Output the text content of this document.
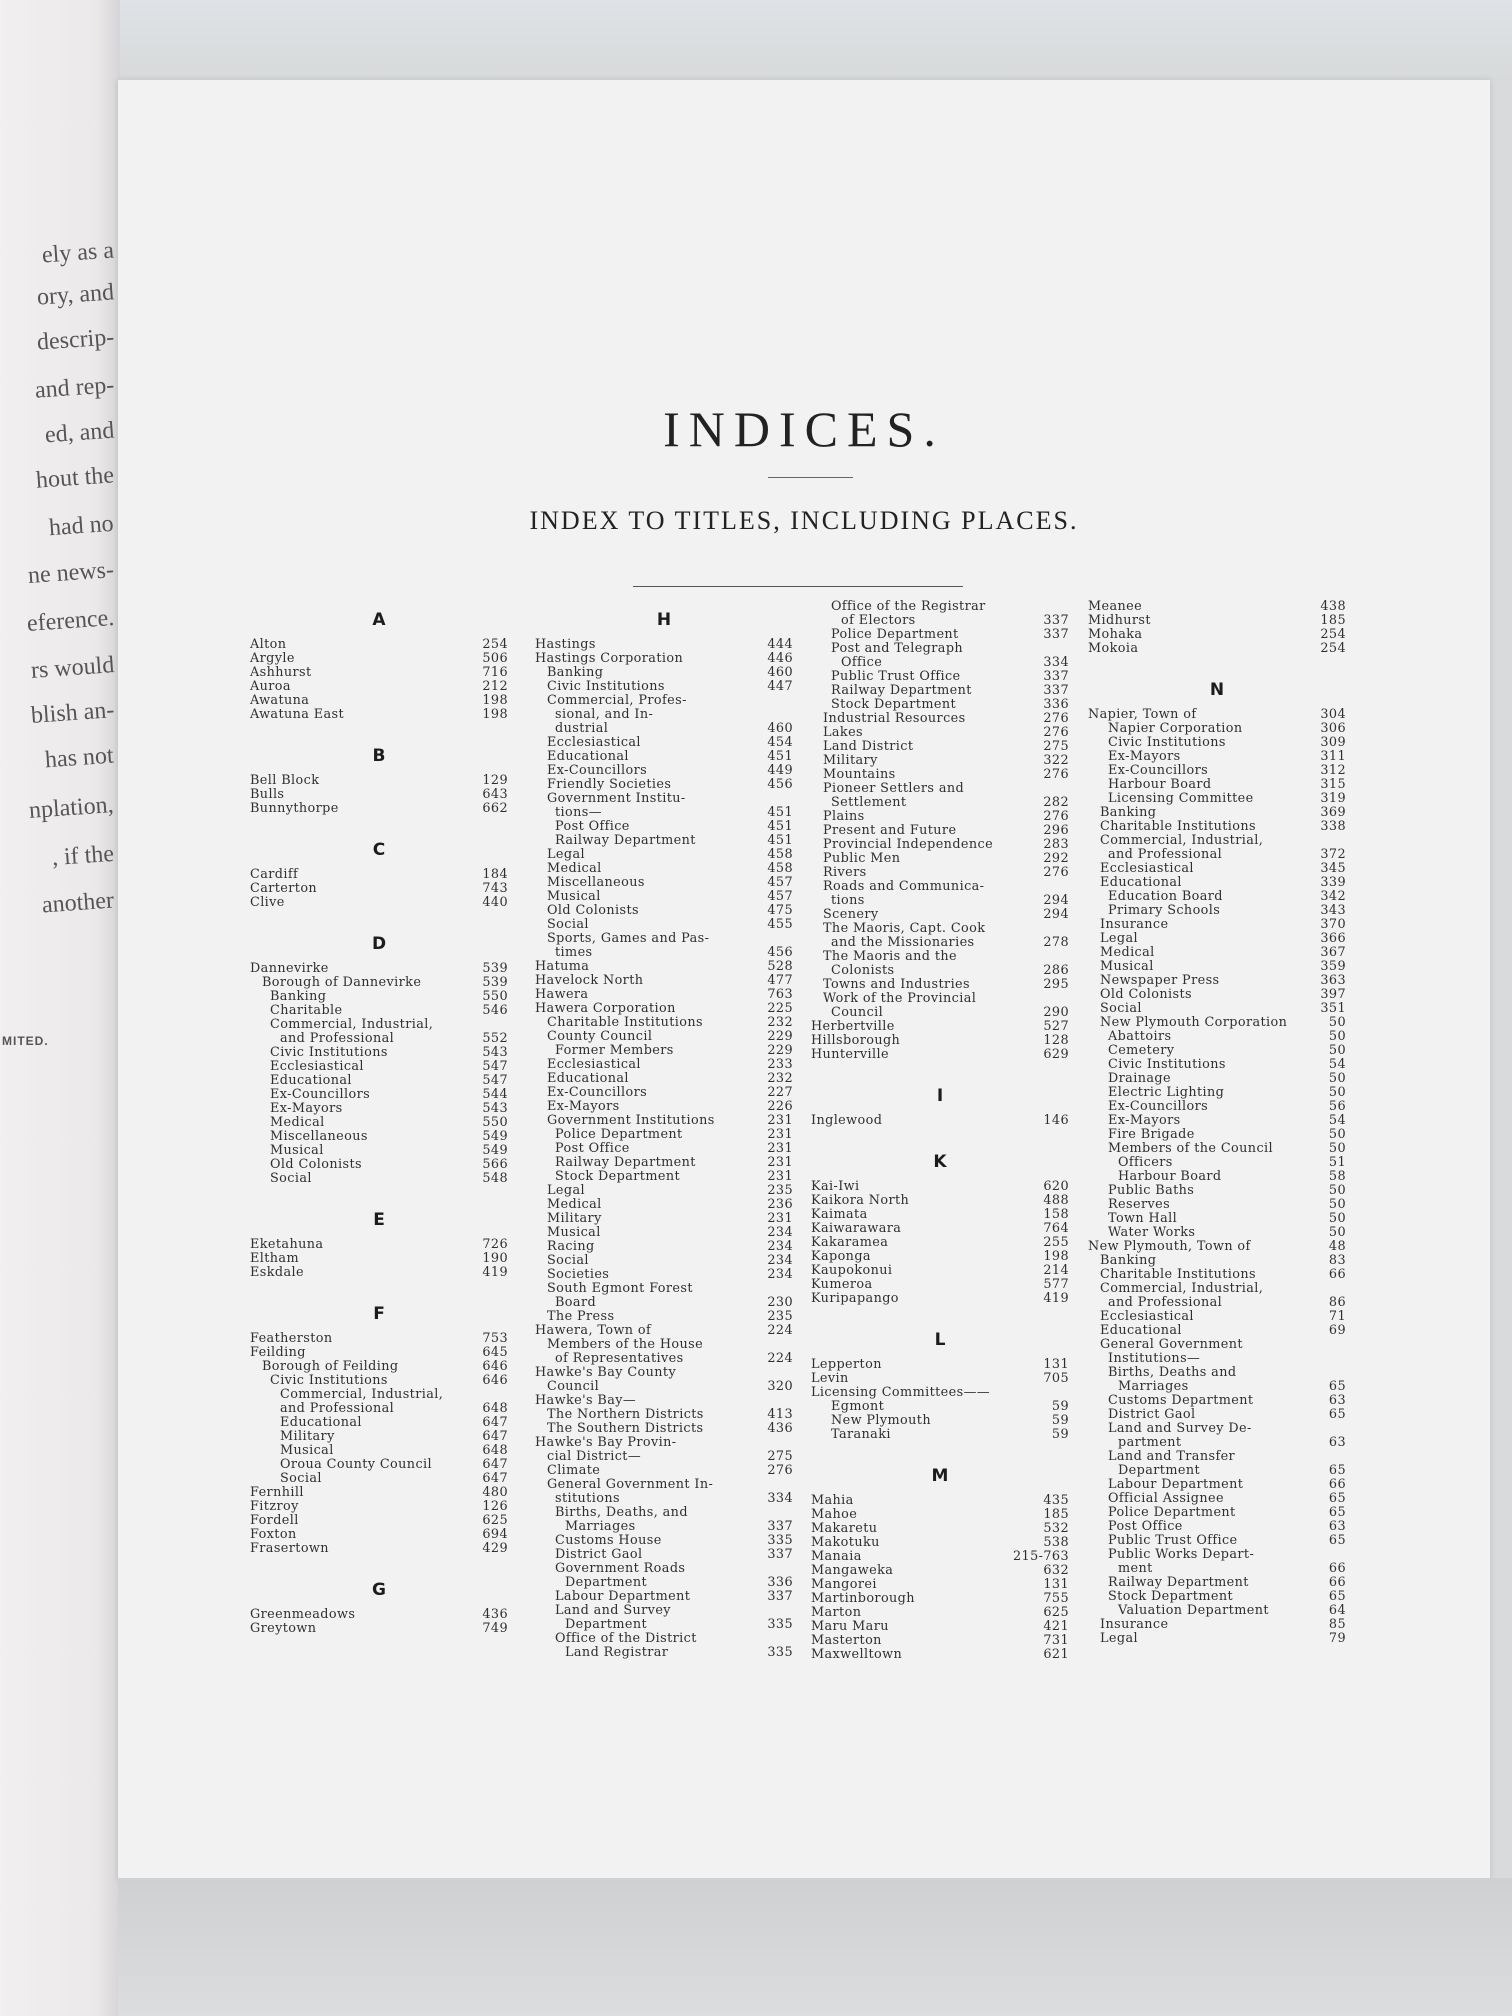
ely as a
ory, and
descrip-
and rep-
ed, and
hout the
had no
ne news-
eference.
rs would
blish an-
has not
nplation,
, if the
another
MITED.
INDICES.
INDEX TO TITLES, INCLUDING PLACES.
A
Alton	254
Argyle	506
Ashhurst	716
Auroa	212
Awatuna	198
Awatuna East	198
B
Bell Block	129
Bulls	643
Bunnythorpe	662
C
Cardiff	184
Carterton	743
Clive	440
D
Dannevirke	539
Borough of Dannevirke	539
Banking	550
Charitable	546
Commercial, Industrial,
and Professional	552
Civic Institutions	543
Ecclesiastical	547
Educational	547
Ex-Councillors	544
Ex-Mayors	543
Medical	550
Miscellaneous	549
Musical	549
Old Colonists	566
Social	548
E
Eketahuna	726
Eltham	190
Eskdale	419
F
Featherston	753
Feilding	645
Borough of Feilding	646
Civic Institutions	646
Commercial, Industrial,
and Professional	648
Educational	647
Military	647
Musical	648
Oroua County Council	647
Social	647
Fernhill	480
Fitzroy	126
Fordell	625
Foxton	694
Frasertown	429
G
Greenmeadows	436
Greytown	749
H
Hastings	444
Hastings Corporation	446
Banking	460
Civic Institutions	447
Commercial, Profes-
sional, and In-
dustrial	460
Ecclesiastical	454
Educational	451
Ex-Councillors	449
Friendly Societies	456
Government Institu-
tions—	451
Post Office	451
Railway Department	451
Legal	458
Medical	458
Miscellaneous	457
Musical	457
Old Colonists	475
Social	455
Sports, Games and Pas-
times	456
Hatuma	528
Havelock North	477
Hawera	763
Hawera Corporation	225
Charitable Institutions	232
County Council	229
Former Members	229
Ecclesiastical	233
Educational	232
Ex-Councillors	227
Ex-Mayors	226
Government Institutions	231
Police Department	231
Post Office	231
Railway Department	231
Stock Department	231
Legal	235
Medical	236
Military	231
Musical	234
Racing	234
Social	234
Societies	234
South Egmont Forest
Board	230
The Press	235
Hawera, Town of	224
Members of the House
of Representatives	224
Hawke's Bay County
Council	320
Hawke's Bay—
The Northern Districts	413
The Southern Districts	436
Hawke's Bay Provin-
cial District—	275
Climate	276
General Government In-
stitutions	334
Births, Deaths, and
Marriages	337
Customs House	335
District Gaol	337
Government Roads
Department	336
Labour Department	337
Land and Survey
Department	335
Office of the District
Land Registrar	335
Office of the Registrar
of Electors	337
Police Department	337
Post and Telegraph
Office	334
Public Trust Office	337
Railway Department	337
Stock Department	336
Industrial Resources	276
Lakes	276
Land District	275
Military	322
Mountains	276
Pioneer Settlers and
Settlement	282
Plains	276
Present and Future	296
Provincial Independence	283
Public Men	292
Rivers	276
Roads and Communica-
tions	294
Scenery	294
The Maoris, Capt. Cook
and the Missionaries	278
The Maoris and the
Colonists	286
Towns and Industries	295
Work of the Provincial
Council	290
Herbertville	527
Hillsborough	128
Hunterville	629
I
Inglewood	146
K
Kai-Iwi	620
Kaikora North	488
Kaimata	158
Kaiwarawara	764
Kakaramea	255
Kaponga	198
Kaupokonui	214
Kumeroa	577
Kuripapango	419
L
Lepperton	131
Levin	705
Licensing Committees——
Egmont	59
New Plymouth	59
Taranaki	59
M
Mahia	435
Mahoe	185
Makaretu	532
Makotuku	538
Manaia	215-763
Mangaweka	632
Mangorei	131
Martinborough	755
Marton	625
Maru Maru	421
Masterton	731
Maxwelltown	621
Meanee	438
Midhurst	185
Mohaka	254
Mokoia	254
N
Napier, Town of	304
Napier Corporation	306
Civic Institutions	309
Ex-Mayors	311
Ex-Councillors	312
Harbour Board	315
Licensing Committee	319
Banking	369
Charitable Institutions	338
Commercial, Industrial,
and Professional	372
Ecclesiastical	345
Educational	339
Education Board	342
Primary Schools	343
Insurance	370
Legal	366
Medical	367
Musical	359
Newspaper Press	363
Old Colonists	397
Social	351
New Plymouth Corporation	50
Abattoirs	50
Cemetery	50
Civic Institutions	54
Drainage	50
Electric Lighting	50
Ex-Councillors	56
Ex-Mayors	54
Fire Brigade	50
Members of the Council	50
Officers	51
Harbour Board	58
Public Baths	50
Reserves	50
Town Hall	50
Water Works	50
New Plymouth, Town of	48
Banking	83
Charitable Institutions	66
Commercial, Industrial,
and Professional	86
Ecclesiastical	71
Educational	69
General Government
Institutions—
Births, Deaths and
Marriages	65
Customs Department	63
District Gaol	65
Land and Survey De-
partment	63
Land and Transfer
Department	65
Labour Department	66
Official Assignee	65
Police Department	65
Post Office	63
Public Trust Office	65
Public Works Depart-
ment	66
Railway Department	66
Stock Department	65
Valuation Department	64
Insurance	85
Legal	79
